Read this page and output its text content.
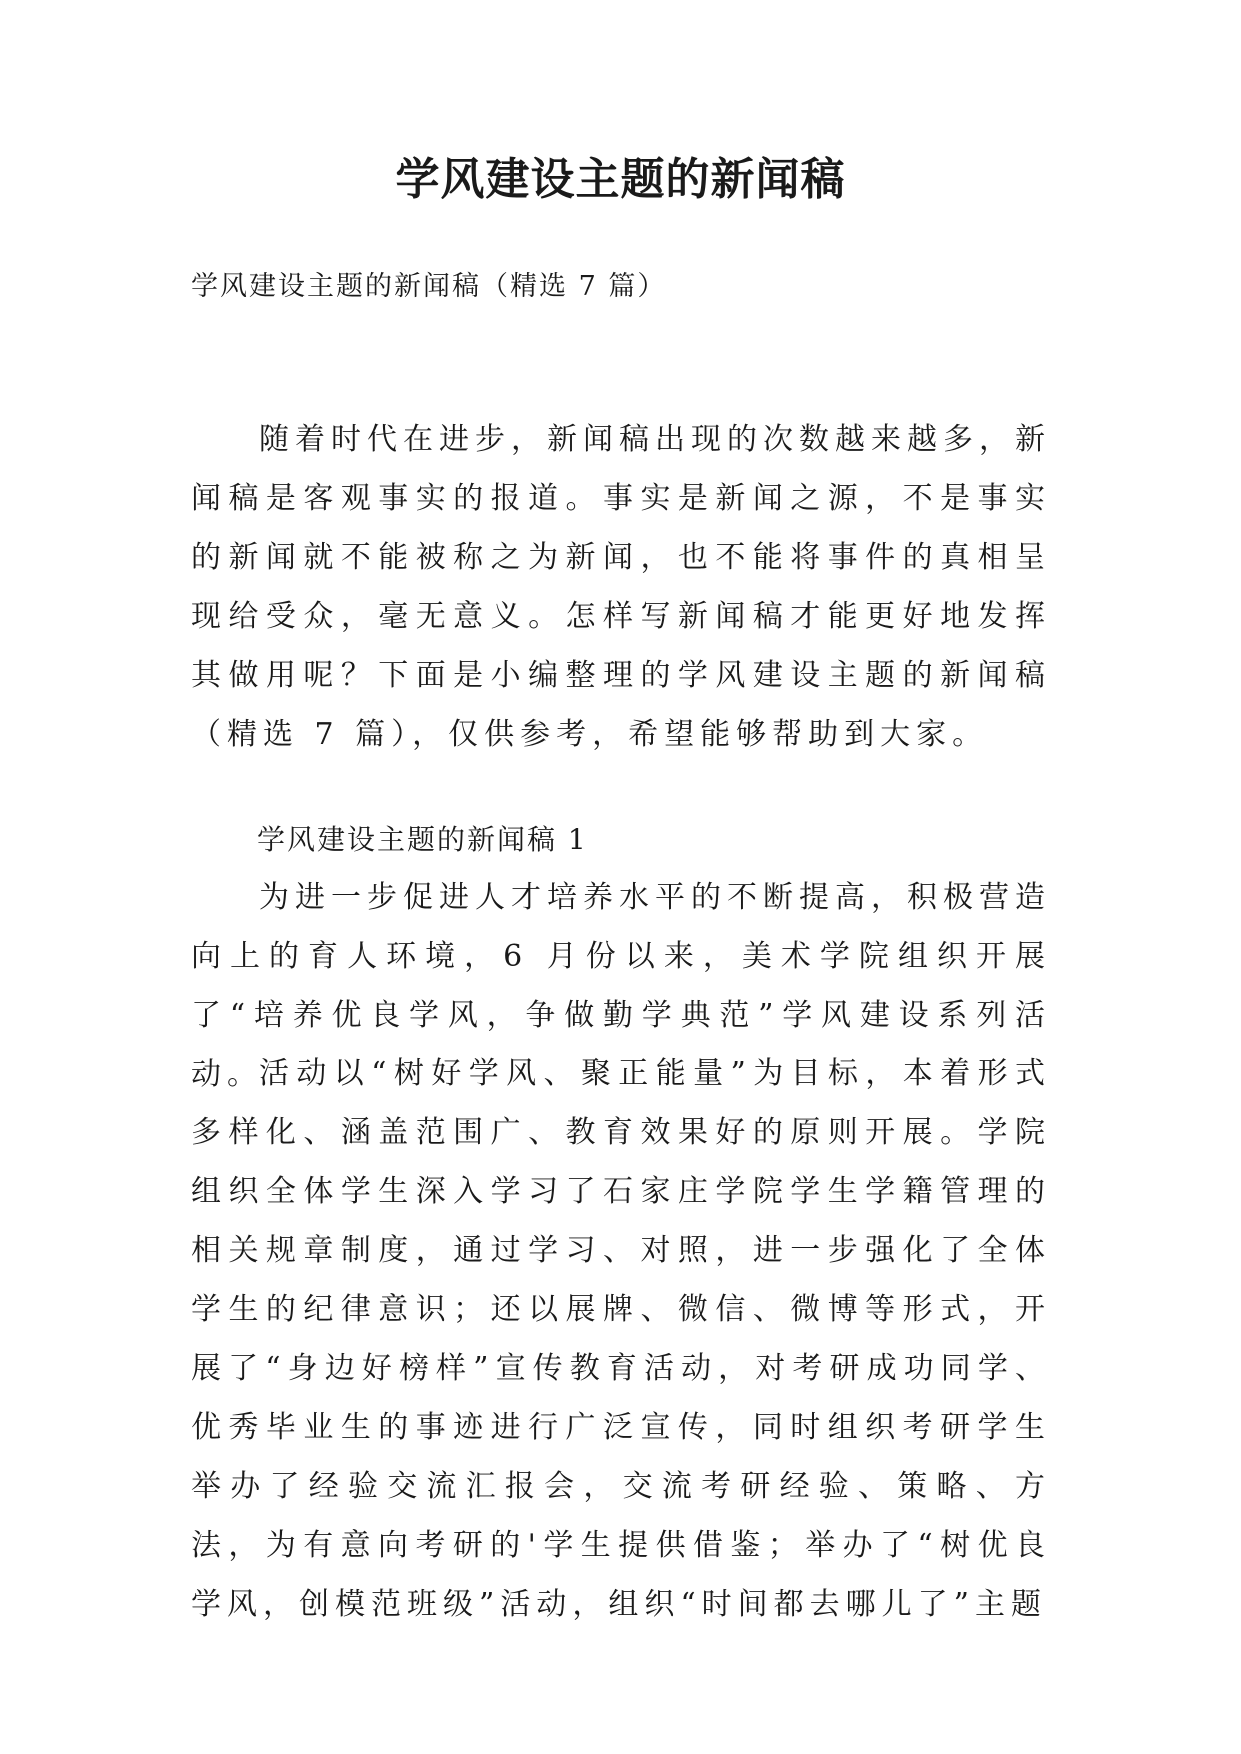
学风建设主题的新闻稿

学风建设主题的新闻稿（精选 7 篇）

随着时代在进步，新闻稿出现的次数越来越多，新闻稿是客观事实的报道。事实是新闻之源，不是事实的新闻就不能被称之为新闻，也不能将事件的真相呈现给受众，毫无意义。怎样写新闻稿才能更好地发挥其做用呢？下面是小编整理的学风建设主题的新闻稿（精选 7 篇），仅供参考，希望能够帮助到大家。

学风建设主题的新闻稿 1

为进一步促进人才培养水平的不断提高，积极营造向上的育人环境，6 月份以来，美术学院组织开展了“培养优良学风，争做勤学典范”学风建设系列活动。

活动以“树好学风、聚正能量”为目标，本着形式多样化、涵盖范围广、教育效果好的原则开展。学院组织全体学生深入学习了石家庄学院学生学籍管理的相关规章制度，通过学习、对照，进一步强化了全体学生的纪律意识；还以展牌、微信、微博等形式，开展了“身边好榜样”宣传教育活动，对考研成功同学、优秀毕业生的事迹进行广泛宣传，同时组织考研学生举办了经验交流汇报会，交流考研经验、策略、方法，为有意向考研的'学生提供借鉴；举办了“树优良学风，创模范班级”活动，组织“时间都去哪儿了”主题
